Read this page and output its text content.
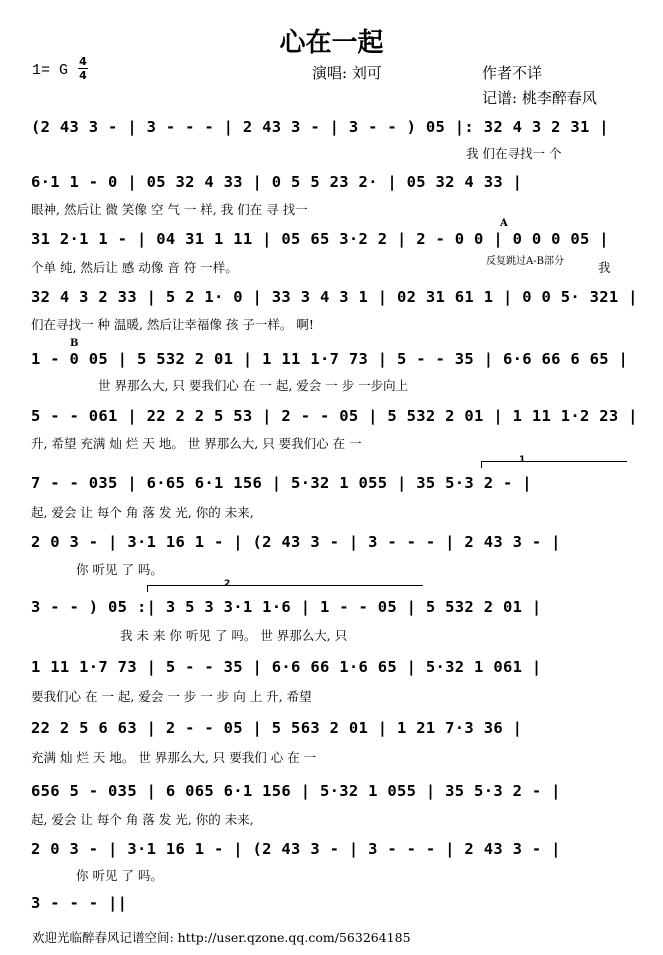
心在一起
1= G
4
4	演唱: 刘可	作者不详
记谱: 桃李醉春风
(2 43 3 - | 3 - - - | 2 43 3 - | 3 - - ) 05 |: 32 4 3 2 31 |
我 们在寻找一 个
6·1 1 - 0 | 05 32 4 33 | 0 5 5 23 2· | 05 32 4 33 |
眼神, 然后让 微 笑像 空 气 一 样, 我 们在 寻 找一
A
31 2·1 1 - | 04 31 1 11 | 05 65 3·2 2 | 2 - 0 0 | 0 0 0 05 |
个单 纯, 然后让 感 动像 音 符 一样。	反复跳过A-B部分	我
32 4 3 2 33 | 5 2 1· 0 | 33 3 4 3 1 | 02 31 61 1 | 0 0 5· 321 |
们在寻找一 种 温暖, 然后让幸福像 孩 子一样。 啊!
B
1 - 0 05 | 5 532 2 01 | 1 11 1·7 73 | 5 - - 35 | 6·6 66 6 65 |
世 界那么大, 只 要我们心 在 一 起, 爱会 一 步 一步向上
5 - - 061 | 22 2 2 5 53 | 2 - - 05 | 5 532 2 01 | 1 11 1·2 23 |
升, 希望 充满 灿 烂 天 地。 世 界那么大, 只 要我们心 在 一
1
7 - - 035 | 6·65 6·1 156 | 5·32 1 055 | 35 5·3 2 - |
起, 爱会 让 每个 角 落 发 光, 你的 未来,
2 0 3 - | 3·1 16 1 - | (2 43 3 - | 3 - - - | 2 43 3 - |
你 听见 了 吗。
2
3 - - ) 05 :| 3 5 3 3·1 1·6 | 1 - - 05 | 5 532 2 01 |
我 未 来 你 听见 了 吗。 世 界那么大, 只
1 11 1·7 73 | 5 - - 35 | 6·6 66 1·6 65 | 5·32 1 061 |
要我们心 在 一 起, 爱会 一 步 一 步 向 上 升, 希望
22 2 5 6 63 | 2 - - 05 | 5 563 2 01 | 1 21 7·3 36 |
充满 灿 烂 天 地。 世 界那么大, 只 要我们 心 在 一
656 5 - 035 | 6 065 6·1 156 | 5·32 1 055 | 35 5·3 2 - |
起, 爱会 让 每个 角 落 发 光, 你的 未来,
2 0 3 - | 3·1 16 1 - | (2 43 3 - | 3 - - - | 2 43 3 - |
你 听见 了 吗。
3 - - - ||
欢迎光临醉春风记谱空间: http://user.qzone.qq.com/563264185
